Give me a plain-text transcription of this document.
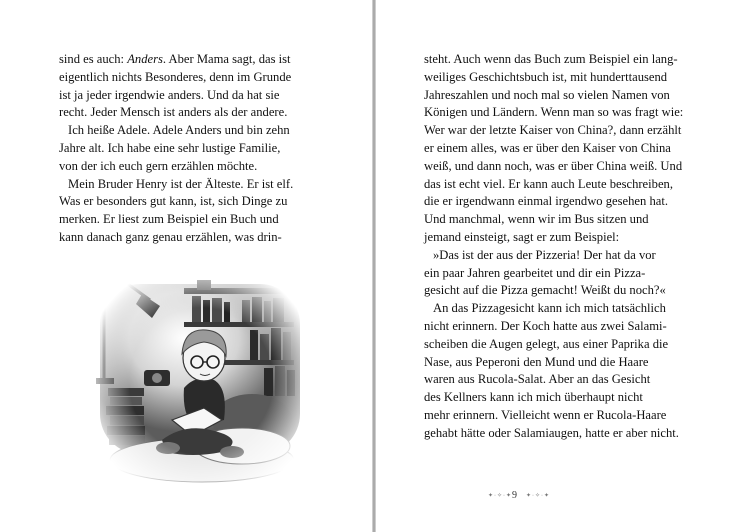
sind es auch: Anders. Aber Mama sagt, das ist
eigentlich nichts Besonderes, denn im Grunde
ist ja jeder irgendwie anders. Und da hat sie
recht. Jeder Mensch ist anders als der andere.
Ich heiße Adele. Adele Anders und bin zehn
Jahre alt. Ich habe eine sehr lustige Familie,
von der ich euch gern erzählen möchte.
Mein Bruder Henry ist der Älteste. Er ist elf.
Was er besonders gut kann, ist, sich Dinge zu
merken. Er liest zum Beispiel ein Buch und
kann danach ganz genau erzählen, was drin-
steht. Auch wenn das Buch zum Beispiel ein lang-
weiliges Geschichtsbuch ist, mit hunderttausend
Jahreszahlen und noch mal so vielen Namen von
Königen und Ländern. Wenn man so was fragt wie:
Wer war der letzte Kaiser von China?, dann erzählt
er einem alles, was er über den Kaiser von China
weiß, und dann noch, was er über China weiß. Und
das ist echt viel. Er kann auch Leute beschreiben,
die er irgendwann einmal irgendwo gesehen hat.
Und manchmal, wenn wir im Bus sitzen und
jemand einsteigt, sagt er zum Beispiel:
»Das ist der aus der Pizzeria! Der hat da vor
ein paar Jahren gearbeitet und dir ein Pizza-
gesicht auf die Pizza gemacht! Weißt du noch?«
An das Pizzagesicht kann ich mich tatsächlich
nicht erinnern. Der Koch hatte aus zwei Salami-
scheiben die Augen gelegt, aus einer Paprika die
Nase, aus Peperoni den Mund und die Haare
waren aus Rucola-Salat. Aber an das Gesicht
des Kellners kann ich mich überhaupt nicht
mehr erinnern. Vielleicht wenn er Rucola-Haare
gehabt hätte oder Salamiaugen, hatte er aber nicht.
✦·✧·✦ 9 ✦·✧·✦
